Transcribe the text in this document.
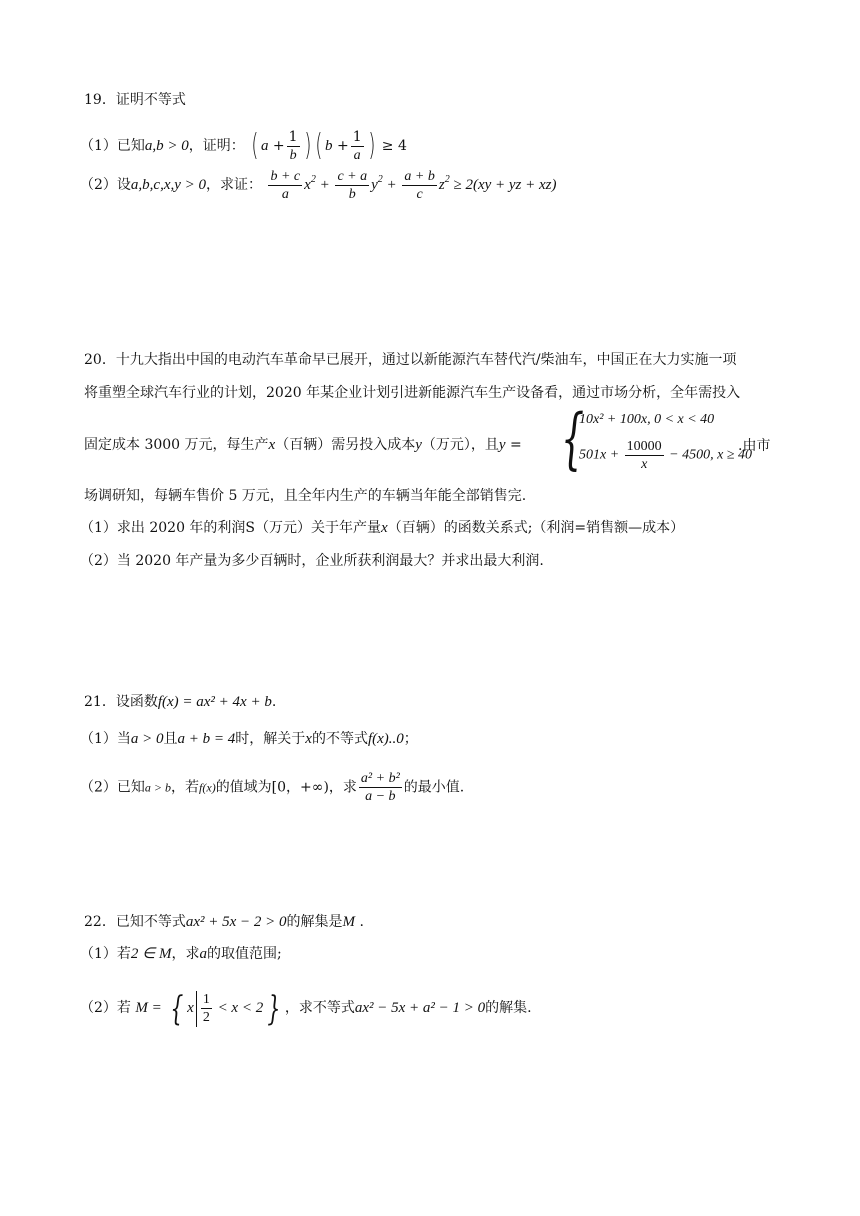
19．证明不等式
（1）已知a,b > 0，证明： ( $a + \frac{1}{b}$ ) ( $b + \frac{1}{a}$ ) ≥ 4
（2）设a,b,c,x,y > 0，求证： $\frac{b + c}{a} x^2 + \frac{c + a}{b} y^2 + \frac{a + b}{c} z^2 \ge 2(xy$ + yz + xz)
20．十九大指出中国的电动汽车革命早已展开，通过以新能源汽车替代汽/柴油车，中国正在大力实施一项
将重塑全球汽车行业的计划，2020 年某企业计划引进新能源汽车生产设备看，通过市场分析，全年需投入
固定成本 3000 万元，每生产x（百辆）需另投入成本y（万元），且y = {
10x² + 100x, 0 < x < 40
$501x + \frac{10000}{x} - 4500$, x ≥ 40
.由市
场调研知，每辆车售价 5 万元，且全年内生产的车辆当年能全部销售完.
（1）求出 2020 年的利润S（万元）关于年产量x（百辆）的函数关系式;（利润=销售额—成本）
（2）当 2020 年产量为多少百辆时，企业所获利润最大？并求出最大利润.
21．设函数f(x) = ax² + 4x + b.
（1）当a > 0且a + b = 4时，解关于x的不等式f(x)..0；
（2）已知a > b，若f(x)的值域为[0，+∞)，求 $\frac{\text{a² + b²}}{a - b}$ 的最小值.
22．已知不等式ax² + 5x − 2 > 0的解集是M .
（1）若2 ∈ M，求a的取值范围;
（2）若 M = { x $\frac{1}{2} < x < 2$ } ，求不等式ax² − 5x + a² − 1 > 0的解集.
